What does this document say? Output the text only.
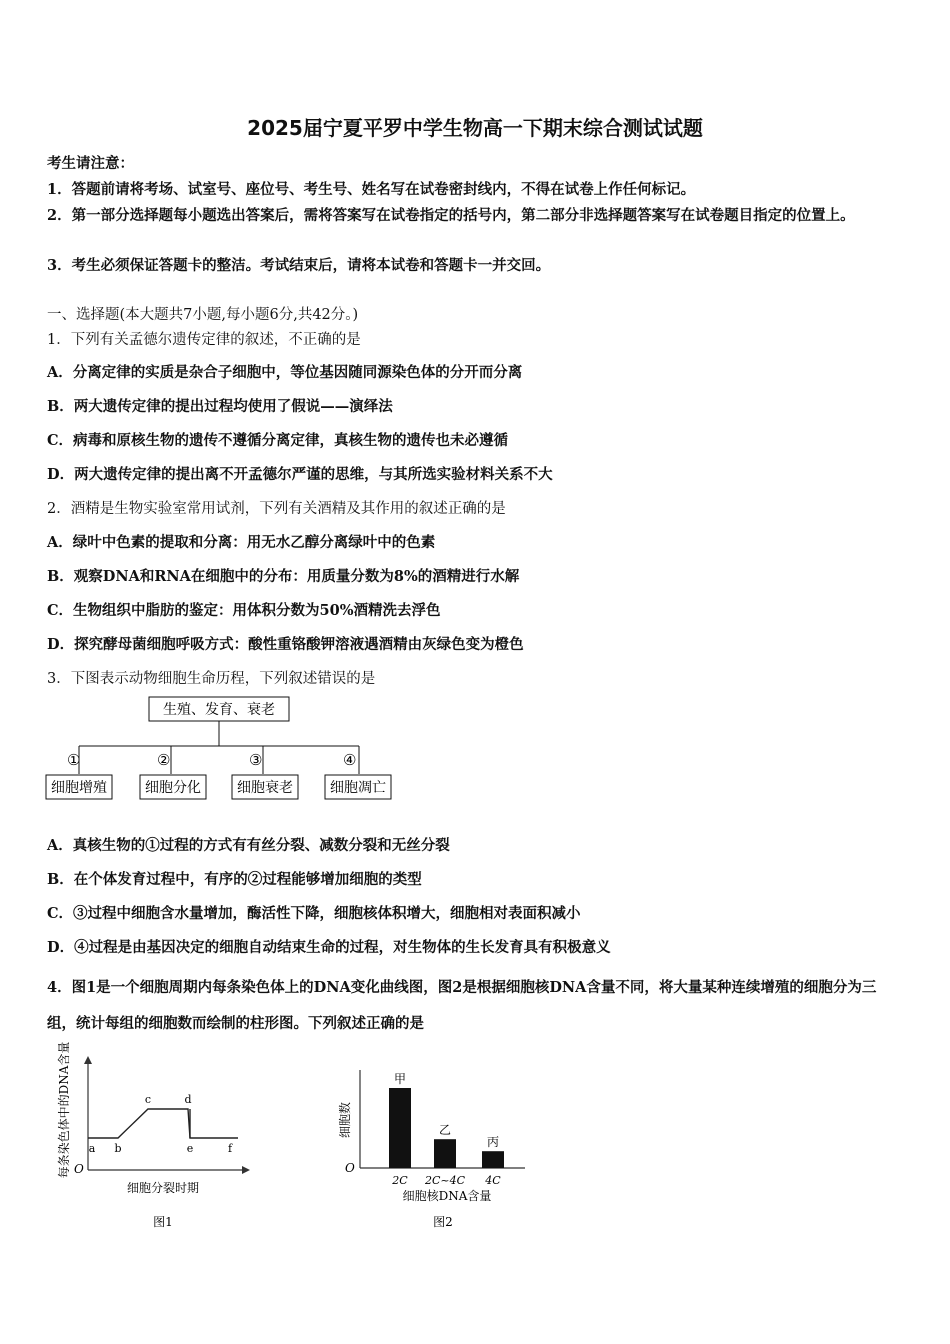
2025届宁夏平罗中学生物高一下期末综合测试试题
考生请注意：
1．答题前请将考场、试室号、座位号、考生号、姓名写在试卷密封线内，不得在试卷上作任何标记。
2．第一部分选择题每小题选出答案后，需将答案写在试卷指定的括号内，第二部分非选择题答案写在试卷题目指定的位置上。
3．考生必须保证答题卡的整洁。考试结束后，请将本试卷和答题卡一并交回。
一、选择题(本大题共7小题,每小题6分,共42分。)
1．下列有关孟德尔遗传定律的叙述，不正确的是
A．分离定律的实质是杂合子细胞中，等位基因随同源染色体的分开而分离
B．两大遗传定律的提出过程均使用了假说——演绎法
C．病毒和原核生物的遗传不遵循分离定律，真核生物的遗传也未必遵循
D．两大遗传定律的提出离不开孟德尔严谨的思维，与其所选实验材料关系不大
2．酒精是生物实验室常用试剂，下列有关酒精及其作用的叙述正确的是
A．绿叶中色素的提取和分离：用无水乙醇分离绿叶中的色素
B．观察DNA和RNA在细胞中的分布：用质量分数为8%的酒精进行水解
C．生物组织中脂肪的鉴定：用体积分数为50%酒精洗去浮色
D．探究酵母菌细胞呼吸方式：酸性重铬酸钾溶液遇酒精由灰绿色变为橙色
3．下图表示动物细胞生命历程，下列叙述错误的是
生殖、发育、衰老
①	②	③	④
细胞增殖	细胞分化	细胞衰老	细胞凋亡
A．真核生物的①过程的方式有有丝分裂、减数分裂和无丝分裂
B．在个体发育过程中，有序的②过程能够增加细胞的类型
C．③过程中细胞含水量增加，酶活性下降，细胞核体积增大，细胞相对表面积减小
D．④过程是由基因决定的细胞自动结束生命的过程，对生物体的生长发育具有积极意义
4．图1是一个细胞周期内每条染色体上的DNA变化曲线图，图2是根据细胞核DNA含量不同，将大量某种连续增殖的细胞分为三组，统计每组的细胞数而绘制的柱形图。下列叙述正确的是
O
每条染色体中的DNA含量
细胞分裂时期
图1
a b
c	d
e	f
O
细胞数
细胞核DNA含量
图2
甲
2C
乙
2C~4C
丙
4C
